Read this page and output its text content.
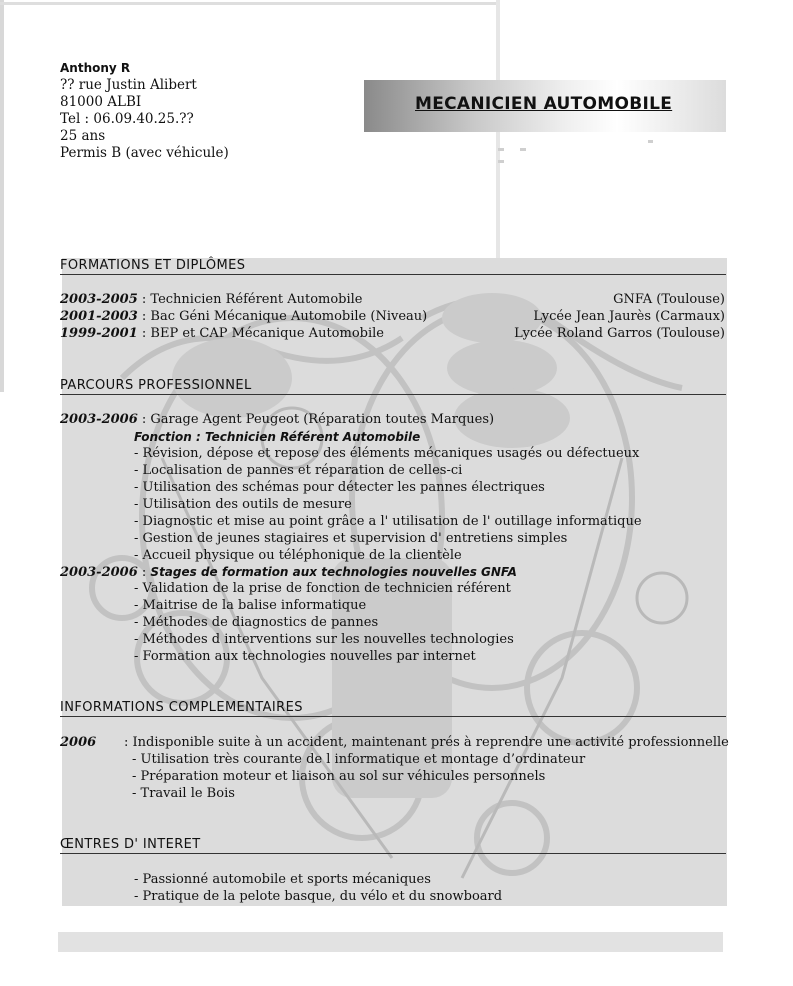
Anthony R
?? rue Justin Alibert
81000 ALBI
Tel : 06.09.40.25.??
25 ans
Permis B (avec véhicule)
MECANICIEN AUTOMOBILE
FORMATIONS ET DIPLÔMES
2003-2005 : Technicien Référent Automobile	GNFA (Toulouse)
2001-2003 : Bac Géni Mécanique Automobile (Niveau)	Lycée Jean Jaurès (Carmaux)
1999-2001 : BEP et CAP Mécanique Automobile	Lycée Roland Garros (Toulouse)
PARCOURS PROFESSIONNEL
2003-2006 : Garage Agent Peugeot (Réparation toutes Marques)
Fonction : Technicien Référent Automobile
- Révision, dépose et repose des éléments mécaniques usagés ou défectueux
- Localisation de pannes et réparation de celles-ci
- Utilisation des schémas pour détecter les pannes électriques
- Utilisation des outils de mesure
- Diagnostic et mise au point grâce a l' utilisation de l' outillage informatique
- Gestion de jeunes stagiaires et supervision d' entretiens simples
- Accueil physique ou téléphonique de la clientèle
2003-2006 : Stages de formation aux technologies nouvelles GNFA
- Validation de la prise de fonction de technicien référent
- Maitrise de la balise informatique
- Méthodes de diagnostics de pannes
- Méthodes d interventions sur les nouvelles technologies
- Formation aux technologies nouvelles par internet
INFORMATIONS COMPLEMENTAIRES
2006 : Indisponible suite à un accident, maintenant prés à reprendre une activité professionnelle
- Utilisation très courante de l informatique et montage d’ordinateur
- Préparation moteur et liaison au sol sur véhicules personnels
- Travail le Bois
ŒNTRES D' INTERET
- Passionné automobile et sports mécaniques
- Pratique de la pelote basque, du vélo et du snowboard
